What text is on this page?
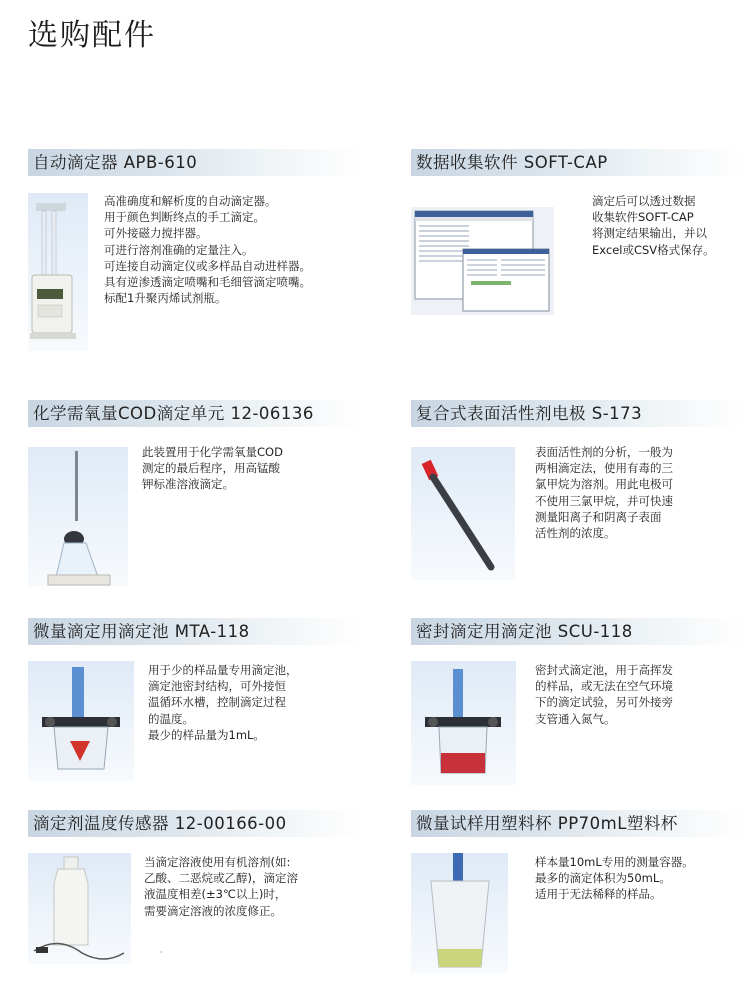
选购配件
自动滴定器 APB-610
高准确度和解析度的自动滴定器。
用于颜色判断终点的手工滴定。
可外接磁力搅拌器。
可进行溶剂准确的定量注入。
可连接自动滴定仪或多样品自动进样器。
具有逆渗透滴定喷嘴和毛细管滴定喷嘴。
标配1升聚丙烯试剂瓶。
数据收集软件 SOFT-CAP
滴定后可以透过数据
收集软件SOFT-CAP
将测定结果输出，并以
Excel或CSV格式保存。
化学需氧量COD滴定单元 12-06136
此装置用于化学需氧量COD
测定的最后程序，用高锰酸
钾标准溶液滴定。
复合式表面活性剂电极 S-173
表面活性剂的分析，一般为
两相滴定法，使用有毒的三
氯甲烷为溶剂。用此电极可
不使用三氯甲烷，并可快速
测量阳离子和阴离子表面
活性剂的浓度。
微量滴定用滴定池 MTA-118
用于少的样品量专用滴定池，
滴定池密封结构，可外接恒
温循环水槽，控制滴定过程
的温度。
最少的样品量为1mL。
密封滴定用滴定池 SCU-118
密封式滴定池，用于高挥发
的样品，或无法在空气环境
下的滴定试验，另可外接旁
支管通入氮气。
滴定剂温度传感器 12-00166-00
当滴定溶液使用有机溶剂(如:
乙酸、二恶烷或乙醇)，滴定溶
液温度相差(±3℃以上)时，
需要滴定溶液的浓度修正。
微量试样用塑料杯 PP70mL塑料杯
样本量10mL专用的测量容器。
最多的滴定体积为50mL。
适用于无法稀释的样品。
·
